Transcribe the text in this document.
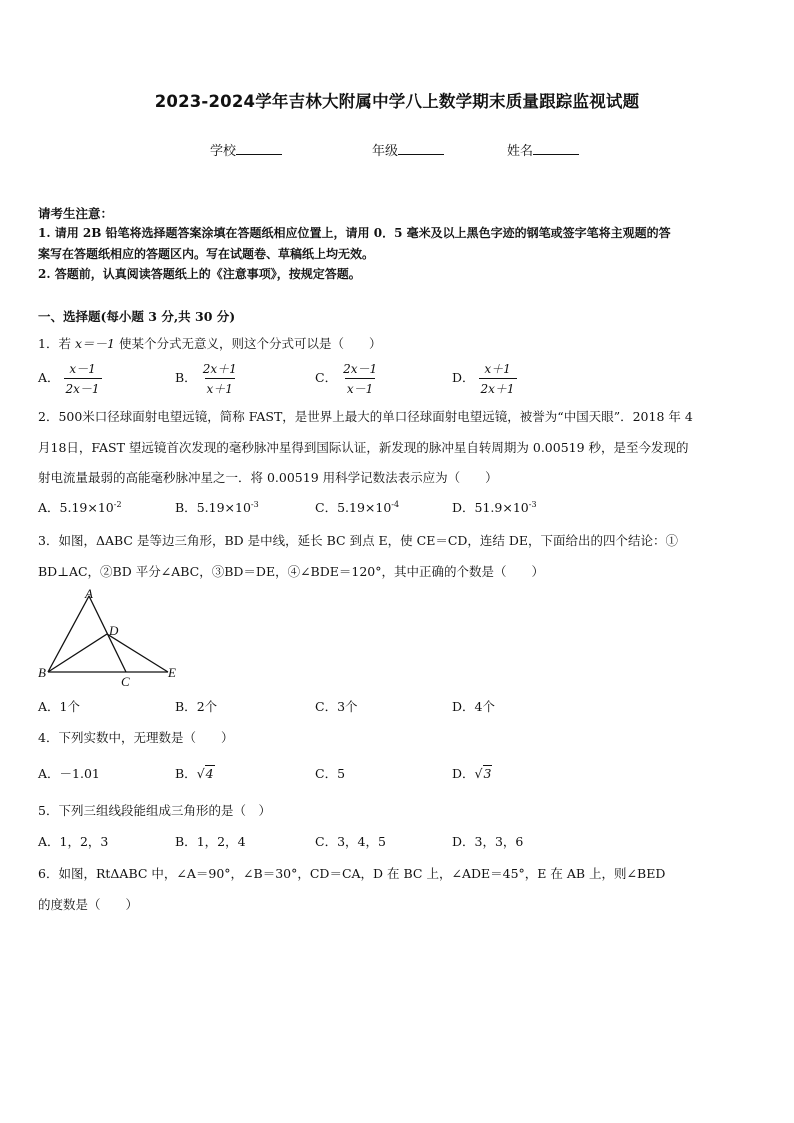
2023-2024学年吉林大附属中学八上数学期末质量跟踪监视试题
学校	年级	姓名
请考生注意：
1. 请用 2B 铅笔将选择题答案涂填在答题纸相应位置上，请用 0．5 毫米及以上黑色字迹的钢笔或签字笔将主观题的答
案写在答题纸相应的答题区内。写在试题卷、草稿纸上均无效。
2. 答题前，认真阅读答题纸上的《注意事项》，按规定答题。
一、选择题(每小题 3 分,共 30 分)
1．若 x＝－1 使某个分式无意义，则这个分式可以是（　　）
A． $\frac{x-1}{2x-1}$	B． $\frac{2x+1}{x+1}$	C． $\frac{2x-1}{x-1}$	D． $\frac{x+1}{2x+1}$
2．500米口径球面射电望远镜，简称 FAST，是世界上最大的单口径球面射电望远镜，被誉为“中国天眼”．2018 年 4
月18日，FAST 望远镜首次发现的毫秒脉冲星得到国际认证，新发现的脉冲星自转周期为 0.00519 秒，是至今发现的
射电流量最弱的高能毫秒脉冲星之一．将 0.00519 用科学记数法表示应为（　　）
A．$5.19\times 10^{-2}$	B．$5.19\times 10^{-3}$	C．$5.19\times 10^{-4}$	D．$51.9\times 10^{-3}$
3．如图，ΔABC 是等边三角形，BD 是中线，延长 BC 到点 E，使 CE＝CD，连结 DE，下面给出的四个结论：①
BD⊥AC，②BD 平分∠ABC，③BD＝DE，④∠BDE＝120°，其中正确的个数是（　　）
A
B
C
D
E
A．1个	B．2个	C．3个	D．4个
4．下列实数中，无理数是（　　）
A．－1.01	B．√4	C．5	D．√3
5．下列三组线段能组成三角形的是（　）
A．1，2，3	B．1，2，4	C．3，4，5	D．3，3，6
6．如图，RtΔABC 中，∠A＝90°，∠B＝30°，CD＝CA，D 在 BC 上，∠ADE＝45°，E 在 AB 上，则∠BED
的度数是（　　）
